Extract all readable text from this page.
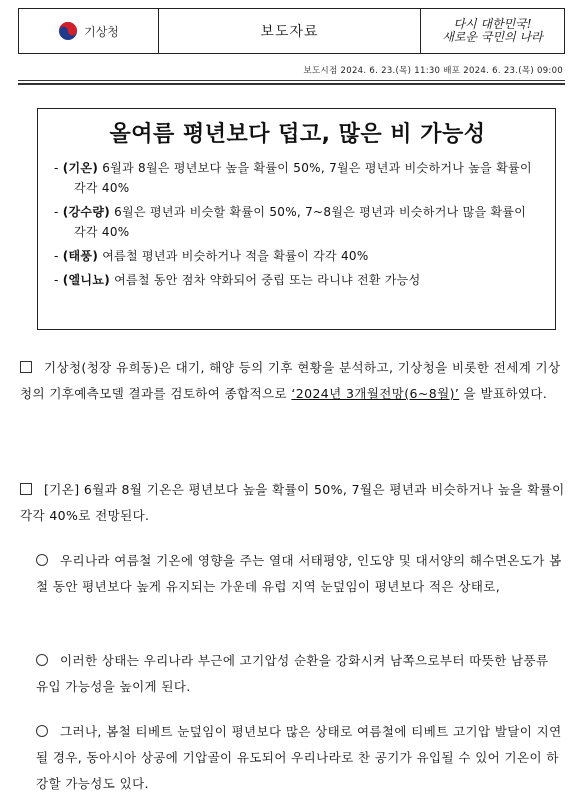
기상청	보도자료	다시 대한민국!
새로운 국민의 나라
보도시점 2024. 6. 23.(목) 11:30 배포 2024. 6. 23.(목) 09:00
올여름 평년보다 덥고, 많은 비 가능성
- (기온) 6월과 8월은 평년보다 높을 확률이 50%, 7월은 평년과 비슷하거나 높을 확률이 각각 40%
- (강수량) 6월은 평년과 비슷할 확률이 50%, 7~8월은 평년과 비슷하거나 많을 확률이 각각 40%
- (태풍) 여름철 평년과 비슷하거나 적을 확률이 각각 40%
- (엘니뇨) 여름철 동안 점차 약화되어 중립 또는 라니냐 전환 가능성
기상청(청장 유희동)은 대기, 해양 등의 기후 현황을 분석하고, 기상청을 비롯한 전세계 기상청의 기후예측모델 결과를 검토하여 종합적으로 ‘2024년 3개월전망(6~8월)’ 을 발표하였다.
[기온] 6월과 8월 기온은 평년보다 높을 확률이 50%, 7월은 평년과 비슷하거나 높을 확률이 각각 40%로 전망된다.
우리나라 여름철 기온에 영향을 주는 열대 서태평양, 인도양 및 대서양의 해수면온도가 봄철 동안 평년보다 높게 유지되는 가운데 유럽 지역 눈덮임이 평년보다 적은 상태로,
이러한 상태는 우리나라 부근에 고기압성 순환을 강화시켜 남쪽으로부터 따뜻한 남풍류 유입 가능성을 높이게 된다.
그러나, 봄철 티베트 눈덮임이 평년보다 많은 상태로 여름철에 티베트 고기압 발달이 지연될 경우, 동아시아 상공에 기압골이 유도되어 우리나라로 찬 공기가 유입될 수 있어 기온이 하강할 가능성도 있다.
